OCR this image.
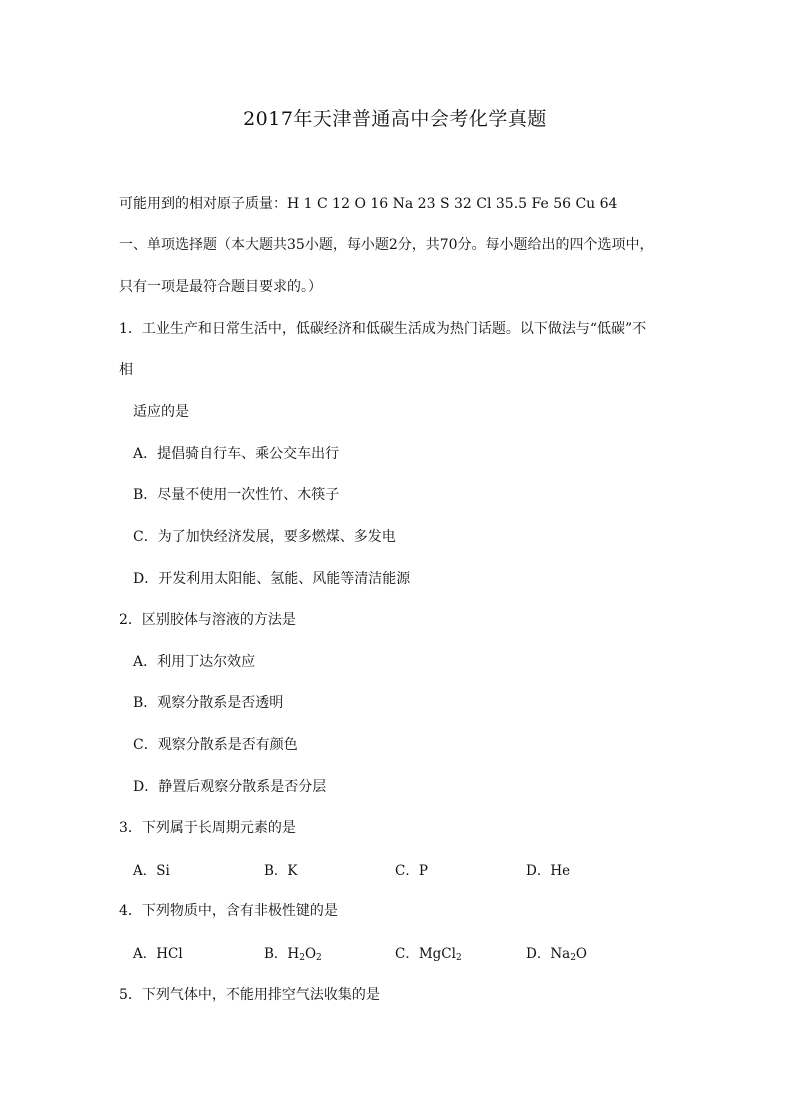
2017年天津普通高中会考化学真题
可能用到的相对原子质量：H 1 C 12 O 16 Na 23 S 32 Cl 35.5 Fe 56 Cu 64
一、单项选择题（本大题共35小题，每小题2分，共70分。每小题给出的四个选项中，
只有一项是最符合题目要求的。）
1．工业生产和日常生活中，低碳经济和低碳生活成为热门话题。以下做法与“低碳”不
相
适应的是
A．提倡骑自行车、乘公交车出行
B．尽量不使用一次性竹、木筷子
C．为了加快经济发展，要多燃煤、多发电
D．开发利用太阳能、氢能、风能等清洁能源
2．区别胶体与溶液的方法是
A．利用丁达尔效应
B．观察分散系是否透明
C．观察分散系是否有颜色
D．静置后观察分散系是否分层
3．下列属于长周期元素的是
A．Si	B．K	C．P	D．He
4．下列物质中，含有非极性键的是
A．HCl	B．$H_2O_2$	C．MgCl$_2$	D．$Na_2O$
5．下列气体中，不能用排空气法收集的是
